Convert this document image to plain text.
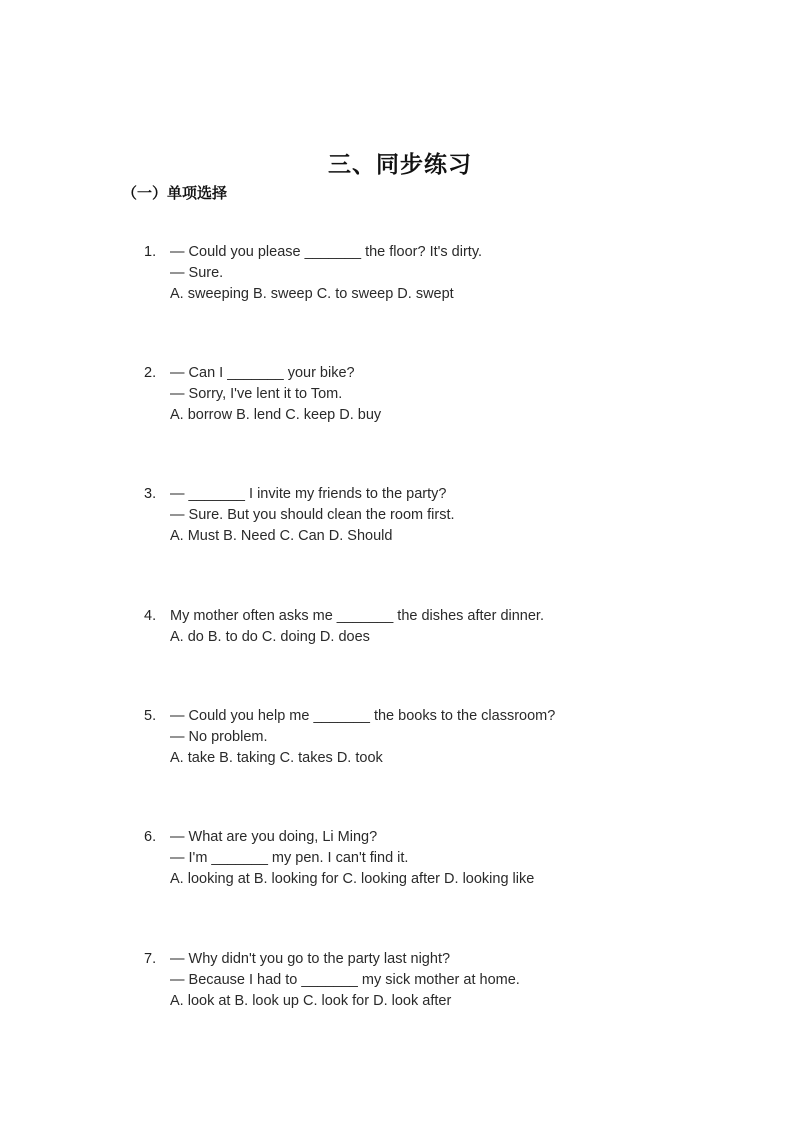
三、同步练习
（一）单项选择
1. — Could you please _______ the floor? It's dirty.
— Sure.
A. sweeping B. sweep C. to sweep D. swept
2. — Can I _______ your bike?
— Sorry, I've lent it to Tom.
A. borrow B. lend C. keep D. buy
3. — _______ I invite my friends to the party?
— Sure. But you should clean the room first.
A. Must B. Need C. Can D. Should
4. My mother often asks me _______ the dishes after dinner.
A. do B. to do C. doing D. does
5. — Could you help me _______ the books to the classroom?
— No problem.
A. take B. taking C. takes D. took
6. — What are you doing, Li Ming?
— I'm _______ my pen. I can't find it.
A. looking at B. looking for C. looking after D. looking like
7. — Why didn't you go to the party last night?
— Because I had to _______ my sick mother at home.
A. look at B. look up C. look for D. look after
